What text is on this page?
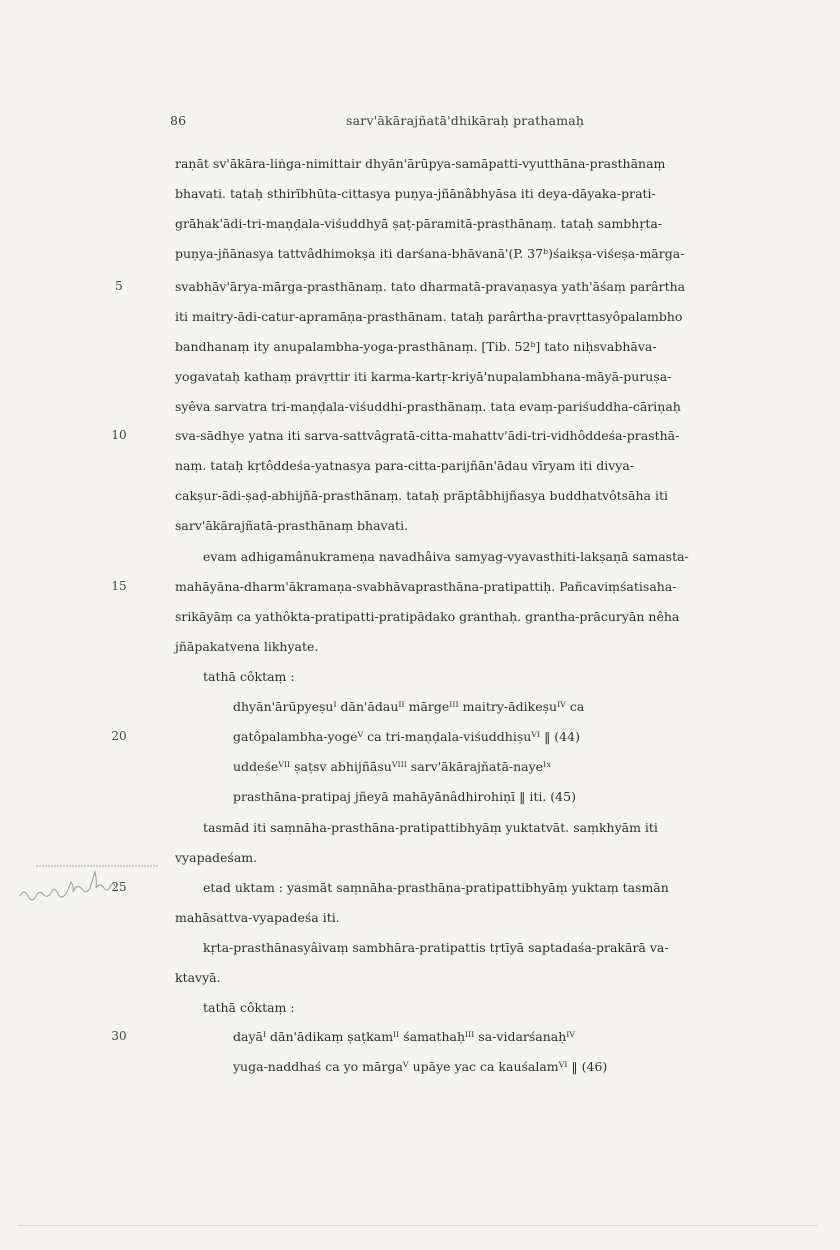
86	sarv'ākārajñatā'dhikāraḥ prathamaḥ
5
10
15
20
25
30
raṇāt sv'ākāra-liṅga-nimittair dhyān'ārūpya-samāpatti-vyutthāna-prasthānaṃ
bhavati. tataḥ sthirībhūta-cittasya puṇya-jñānâbhyāsa iti deya-dāyaka-prati-
grāhak'ādi-tri-maṇḍala-viśuddhyā ṣaṭ-pāramitā-prasthānaṃ. tataḥ sambhṛta-
puṇya-jñānasya tattvâdhimokṣa iti darśana-bhāvanā'(P. 37ᵇ)śaikṣa-viśeṣa-mārga-
svabhāv'ārya-mārga-prasthānaṃ. tato dharmatā-pravaṇasya yath'āśaṃ parârtha
iti maitry-ādi-catur-apramāṇa-prasthānam. tataḥ parârtha-pravṛttasyôpalambho
bandhanaṃ ity anupalambha-yoga-prasthānaṃ. [Tib. 52ᵇ] tato niḥsvabhāva-
yogavataḥ kathaṃ pravṛttir iti karma-kartṛ-kriyā'nupalambhana-māyā-puruṣa-
syêva sarvatra tri-maṇḍala-viśuddhi-prasthānaṃ. tata evaṃ-pariśuddha-cāriṇaḥ
sva-sādhye yatna iti sarva-sattvâgratā-citta-mahattv'ādi-tri-vidhôddeśa-prasthā-
naṃ. tataḥ kṛtôddeśa-yatnasya para-citta-parijñān'ādau vīryam iti divya-
cakṣur-ādi-ṣaḍ-abhijñā-prasthānaṃ. tataḥ prāptâbhijñasya buddhatvôtsāha iti
sarv'ākārajñatā-prasthānaṃ bhavati.
evam adhigamânukrameṇa navadhâiva samyag-vyavasthiti-lakṣaṇā samasta-
mahāyāna-dharm'ākramaṇa-svabhāvaprasthāna-pratipattiḥ. Pañcaviṃśatisaha-
srikāyāṃ ca yathôkta-pratipatti-pratipādako granthaḥ. grantha-prācuryān nêha
jñāpakatvena likhyate.
tathā côktaṃ :
dhyān'ārūpyeṣuᴵ dān'ādauᴵᴵ mārgeᴵᴵᴵ maitry-ādikeṣuᴵⱽ ca
gatôpalambha-yogeⱽ ca tri-maṇḍala-viśuddhiṣuⱽᴵ ‖ (44)
uddeśeⱽᴵᴵ ṣaṭsv abhijñāsuⱽᴵᴵᴵ sarv'ākārajñatā-nayeᴵˣ
prasthāna-pratipaj jñeyā mahāyānâdhirohiṇī ‖ iti. (45)
tasmād iti saṃnāha-prasthāna-pratipattibhyāṃ yuktatvāt. saṃkhyām iti
vyapadeśam.
etad uktam : yasmāt saṃnāha-prasthāna-pratipattibhyāṃ yuktaṃ tasmān
mahāsattva-vyapadeśa iti.
kṛta-prasthānasyâivaṃ sambhāra-pratipattis tṛtīyā saptadaśa-prakārā va-
ktavyā.
tathā côktaṃ :
dayāᴵ dān'ādikaṃ ṣaṭkamᴵᴵ śamathaḥᴵᴵᴵ sa-vidarśanaḥᴵⱽ
yuga-naddhaś ca yo mārgaⱽ upāye yac ca kauśalamⱽᴵ ‖ (46)
